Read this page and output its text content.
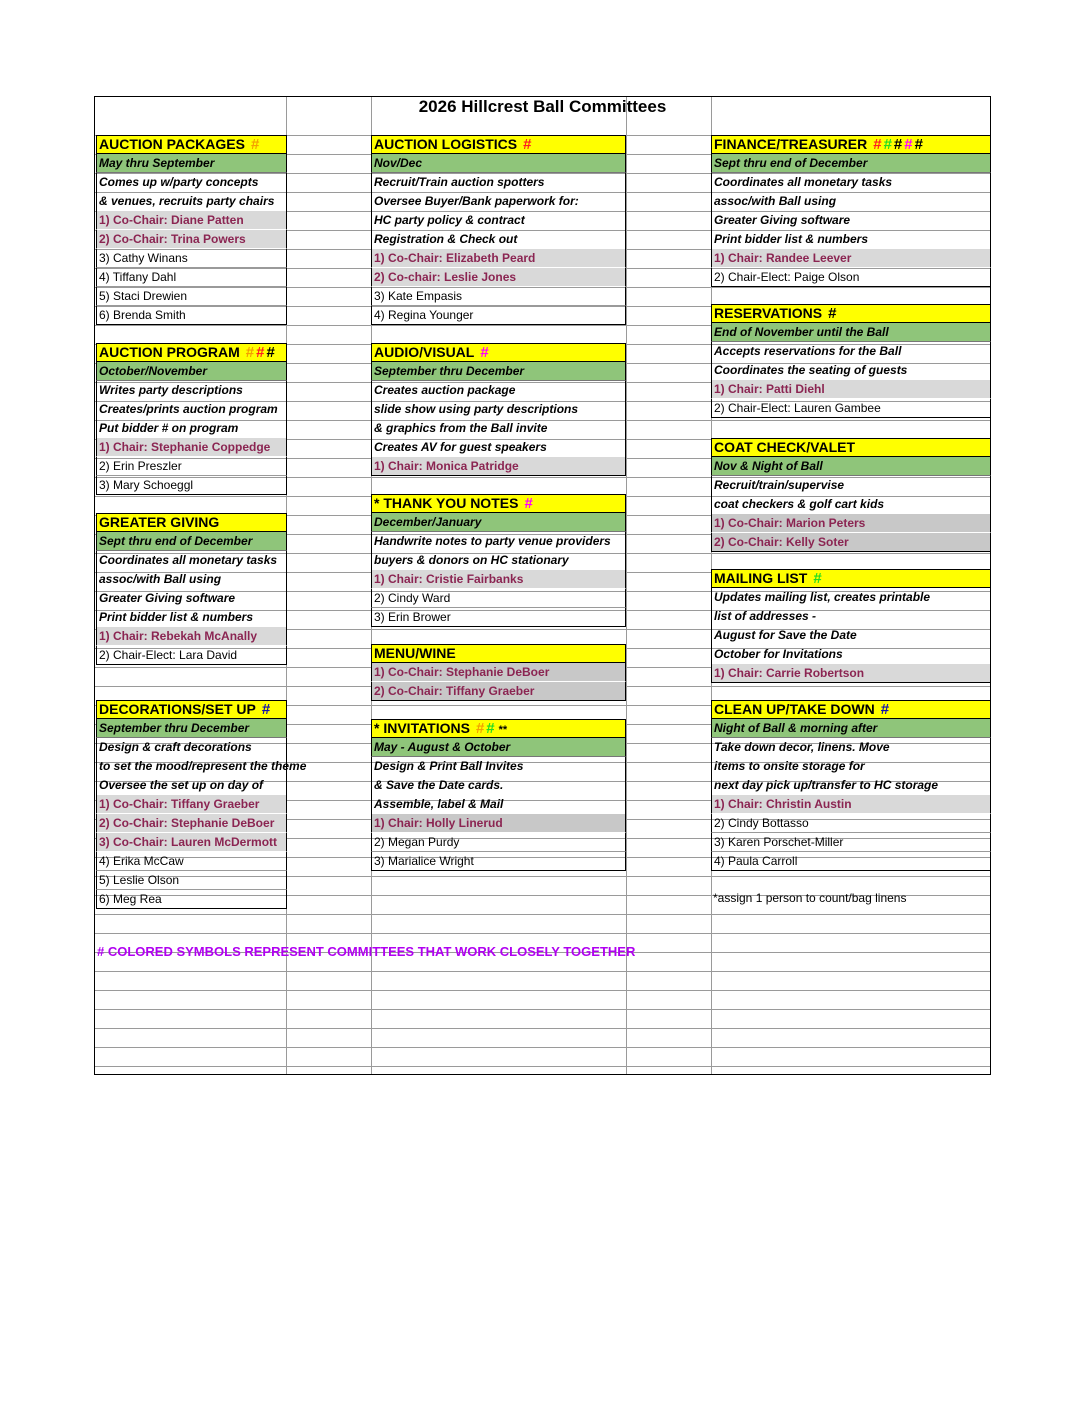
2026 Hillcrest Ball Committees
AUCTION PACKAGES #
May thru September
Comes up w/party concepts
& venues, recruits party chairs
1) Co-Chair: Diane Patten
2) Co-Chair: Trina Powers
3) Cathy Winans
4) Tiffany Dahl
5) Staci Drewien
6) Brenda Smith
AUCTION PROGRAM # # #
October/November
Writes party descriptions
Creates/prints auction program
Put bidder # on program
1) Chair: Stephanie Coppedge
2) Erin Preszler
3) Mary Schoeggl
GREATER GIVING
Sept thru end of December
Coordinates all monetary tasks
assoc/with Ball using
Greater Giving software
Print bidder list & numbers
1) Chair: Rebekah McAnally
2) Chair-Elect: Lara David
DECORATIONS/SET UP #
September thru December
Design & craft decorations
to set the mood/represent the theme
Oversee the set up on day of
1) Co-Chair: Tiffany Graeber
2) Co-Chair: Stephanie DeBoer
3) Co-Chair: Lauren McDermott
4) Erika McCaw
5) Leslie Olson
6) Meg Rea
AUCTION LOGISTICS #
Nov/Dec
Recruit/Train auction spotters
Oversee Buyer/Bank paperwork for:
HC party policy & contract
Registration & Check out
1) Co-Chair: Elizabeth Peard
2) Co-chair: Leslie Jones
3) Kate Empasis
4) Regina Younger
AUDIO/VISUAL #
September thru December
Creates auction package
slide show using party descriptions
& graphics from the Ball invite
Creates AV for guest speakers
1) Chair: Monica Patridge
* THANK YOU NOTES #
December/January
Handwrite notes to party venue providers
buyers & donors on HC stationary
1) Chair: Cristie Fairbanks
2) Cindy Ward
3) Erin Brower
MENU/WINE
1) Co-Chair: Stephanie DeBoer
2) Co-Chair: Tiffany Graeber
* INVITATIONS # # **
May - August & October
Design & Print Ball Invites
& Save the Date cards.
Assemble, label & Mail
1) Chair: Holly Linerud
2) Megan Purdy
3) Marialice Wright
FINANCE/TREASURER # # # # #
Sept thru end of December
Coordinates all monetary tasks
assoc/with Ball using
Greater Giving software
Print bidder list & numbers
1) Chair: Randee Leever
2) Chair-Elect: Paige Olson
RESERVATIONS #
End of November until the Ball
Accepts reservations for the Ball
Coordinates the seating of guests
1) Chair: Patti Diehl
2) Chair-Elect: Lauren Gambee
COAT CHECK/VALET
Nov & Night of Ball
Recruit/train/supervise
coat checkers & golf cart kids
1) Co-Chair: Marion Peters
2) Co-Chair: Kelly Soter
MAILING LIST #
Updates mailing list, creates printable
list of addresses -
August for Save the Date
October for Invitations
1) Chair: Carrie Robertson
CLEAN UP/TAKE DOWN #
Night of Ball & morning after
Take down decor, linens. Move
items to onsite storage for
next day pick up/transfer to HC storage
1) Chair: Christin Austin
2) Cindy Bottasso
3) Karen Porschet-Miller
4) Paula Carroll
# COLORED SYMBOLS REPRESENT COMMITTEES THAT WORK CLOSELY TOGETHER
*assign 1 person to count/bag linens
